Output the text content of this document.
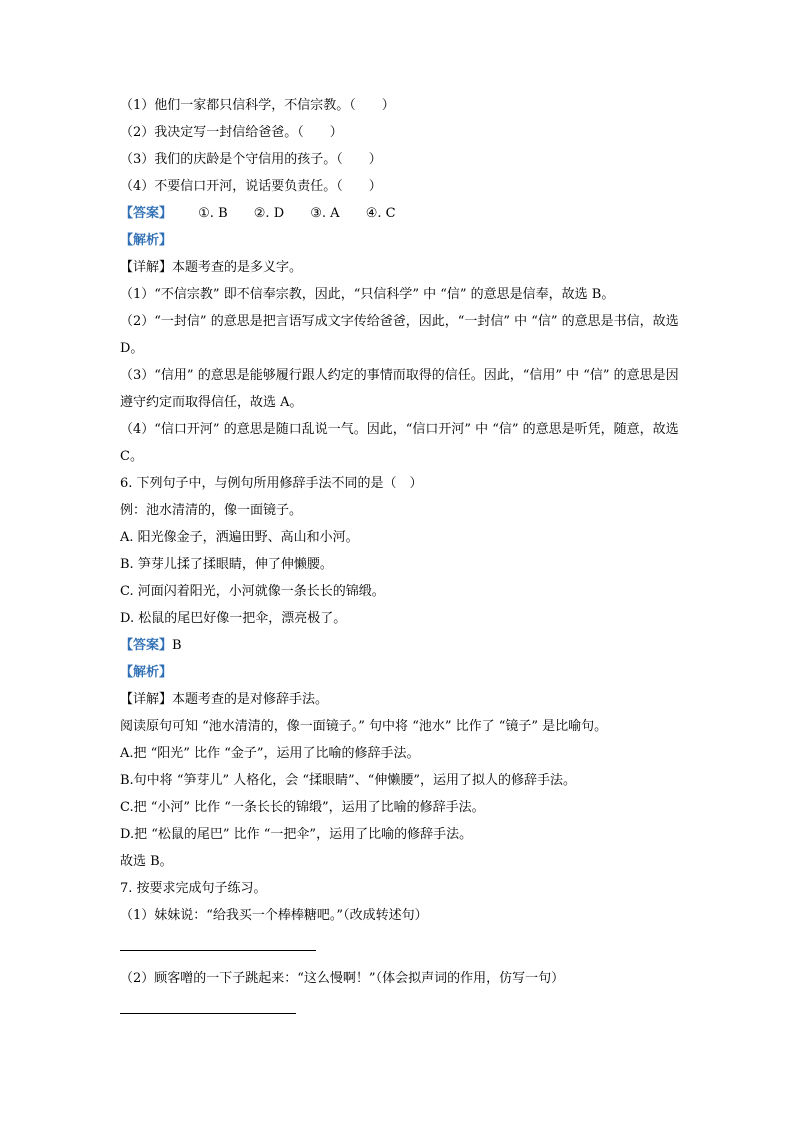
（1）他们一家都只信科学，不信宗教。（　　）
（2）我决定写一封信给爸爸。（　　）
（3）我们的庆龄是个守信用的孩子。（　　）
（4）不要信口开河，说话要负责任。（　　）
【答案】 ①. B ②. D ③. A ④. C
【解析】
【详解】本题考查的是多义字。
（1）“不信宗教” 即不信奉宗教，因此，“只信科学” 中 “信” 的意思是信奉，故选 B。
（2）“一封信” 的意思是把言语写成文字传给爸爸，因此，“一封信” 中 “信” 的意思是书信，故选 D。
（3）“信用” 的意思是能够履行跟人约定的事情而取得的信任。因此，“信用” 中 “信” 的意思是因遵守约定而取得信任，故选 A。
（4）“信口开河” 的意思是随口乱说一气。因此，“信口开河” 中 “信” 的意思是听凭，随意，故选 C。
6. 下列句子中，与例句所用修辞手法不同的是（　）
例：池水清清的，像一面镜子。
A. 阳光像金子，洒遍田野、高山和小河。
B. 笋芽儿揉了揉眼睛，伸了伸懒腰。
C. 河面闪着阳光，小河就像一条长长的锦缎。
D. 松鼠的尾巴好像一把伞，漂亮极了。
【答案】B
【解析】
【详解】本题考查的是对修辞手法。
阅读原句可知 “池水清清的，像一面镜子。” 句中将 “池水” 比作了 “镜子” 是比喻句。
A.把 “阳光” 比作 “金子”，运用了比喻的修辞手法。
B.句中将 “笋芽儿” 人格化，会 “揉眼睛”、“伸懒腰”，运用了拟人的修辞手法。
C.把 “小河” 比作 “一条长长的锦缎”，运用了比喻的修辞手法。
D.把 “松鼠的尾巴” 比作 “一把伞”，运用了比喻的修辞手法。
故选 B。
7. 按要求完成句子练习。
（1）妹妹说：“给我买一个棒棒糖吧。”（改成转述句）
（2）顾客噌的一下子跳起来：“这么慢啊！”（体会拟声词的作用，仿写一句）
